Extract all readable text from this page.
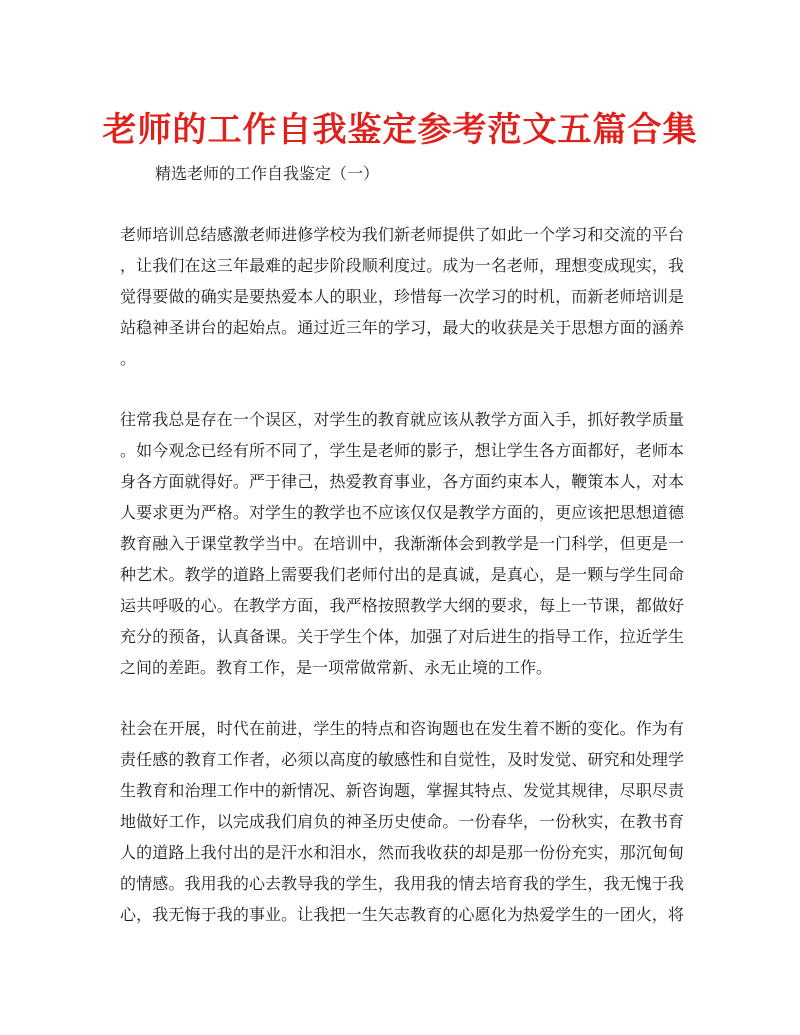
老师的工作自我鉴定参考范文五篇合集
精选老师的工作自我鉴定（一）
老师培训总结感激老师进修学校为我们新老师提供了如此一个学习和交流的平台
，让我们在这三年最难的起步阶段顺利度过。成为一名老师，理想变成现实，我
觉得要做的确实是要热爱本人的职业，珍惜每一次学习的时机，而新老师培训是
站稳神圣讲台的起始点。通过近三年的学习，最大的收获是关于思想方面的涵养
。
往常我总是存在一个误区，对学生的教育就应该从教学方面入手，抓好教学质量
。如今观念已经有所不同了，学生是老师的影子，想让学生各方面都好，老师本
身各方面就得好。严于律己，热爱教育事业，各方面约束本人，鞭策本人，对本
人要求更为严格。对学生的教学也不应该仅仅是教学方面的，更应该把思想道德
教育融入于课堂教学当中。在培训中，我渐渐体会到教学是一门科学，但更是一
种艺术。教学的道路上需要我们老师付出的是真诚，是真心，是一颗与学生同命
运共呼吸的心。在教学方面，我严格按照教学大纲的要求，每上一节课，都做好
充分的预备，认真备课。关于学生个体，加强了对后进生的指导工作，拉近学生
之间的差距。教育工作，是一项常做常新、永无止境的工作。
社会在开展，时代在前进，学生的特点和咨询题也在发生着不断的变化。作为有
责任感的教育工作者，必须以高度的敏感性和自觉性，及时发觉、研究和处理学
生教育和治理工作中的新情况、新咨询题，掌握其特点、发觉其规律，尽职尽责
地做好工作，以完成我们肩负的神圣历史使命。一份春华，一份秋实，在教书育
人的道路上我付出的是汗水和泪水，然而我收获的却是那一份份充实，那沉甸甸
的情感。我用我的心去教导我的学生，我用我的情去培育我的学生，我无愧于我
心，我无悔于我的事业。让我把一生矢志教育的心愿化为热爱学生的一团火，将
